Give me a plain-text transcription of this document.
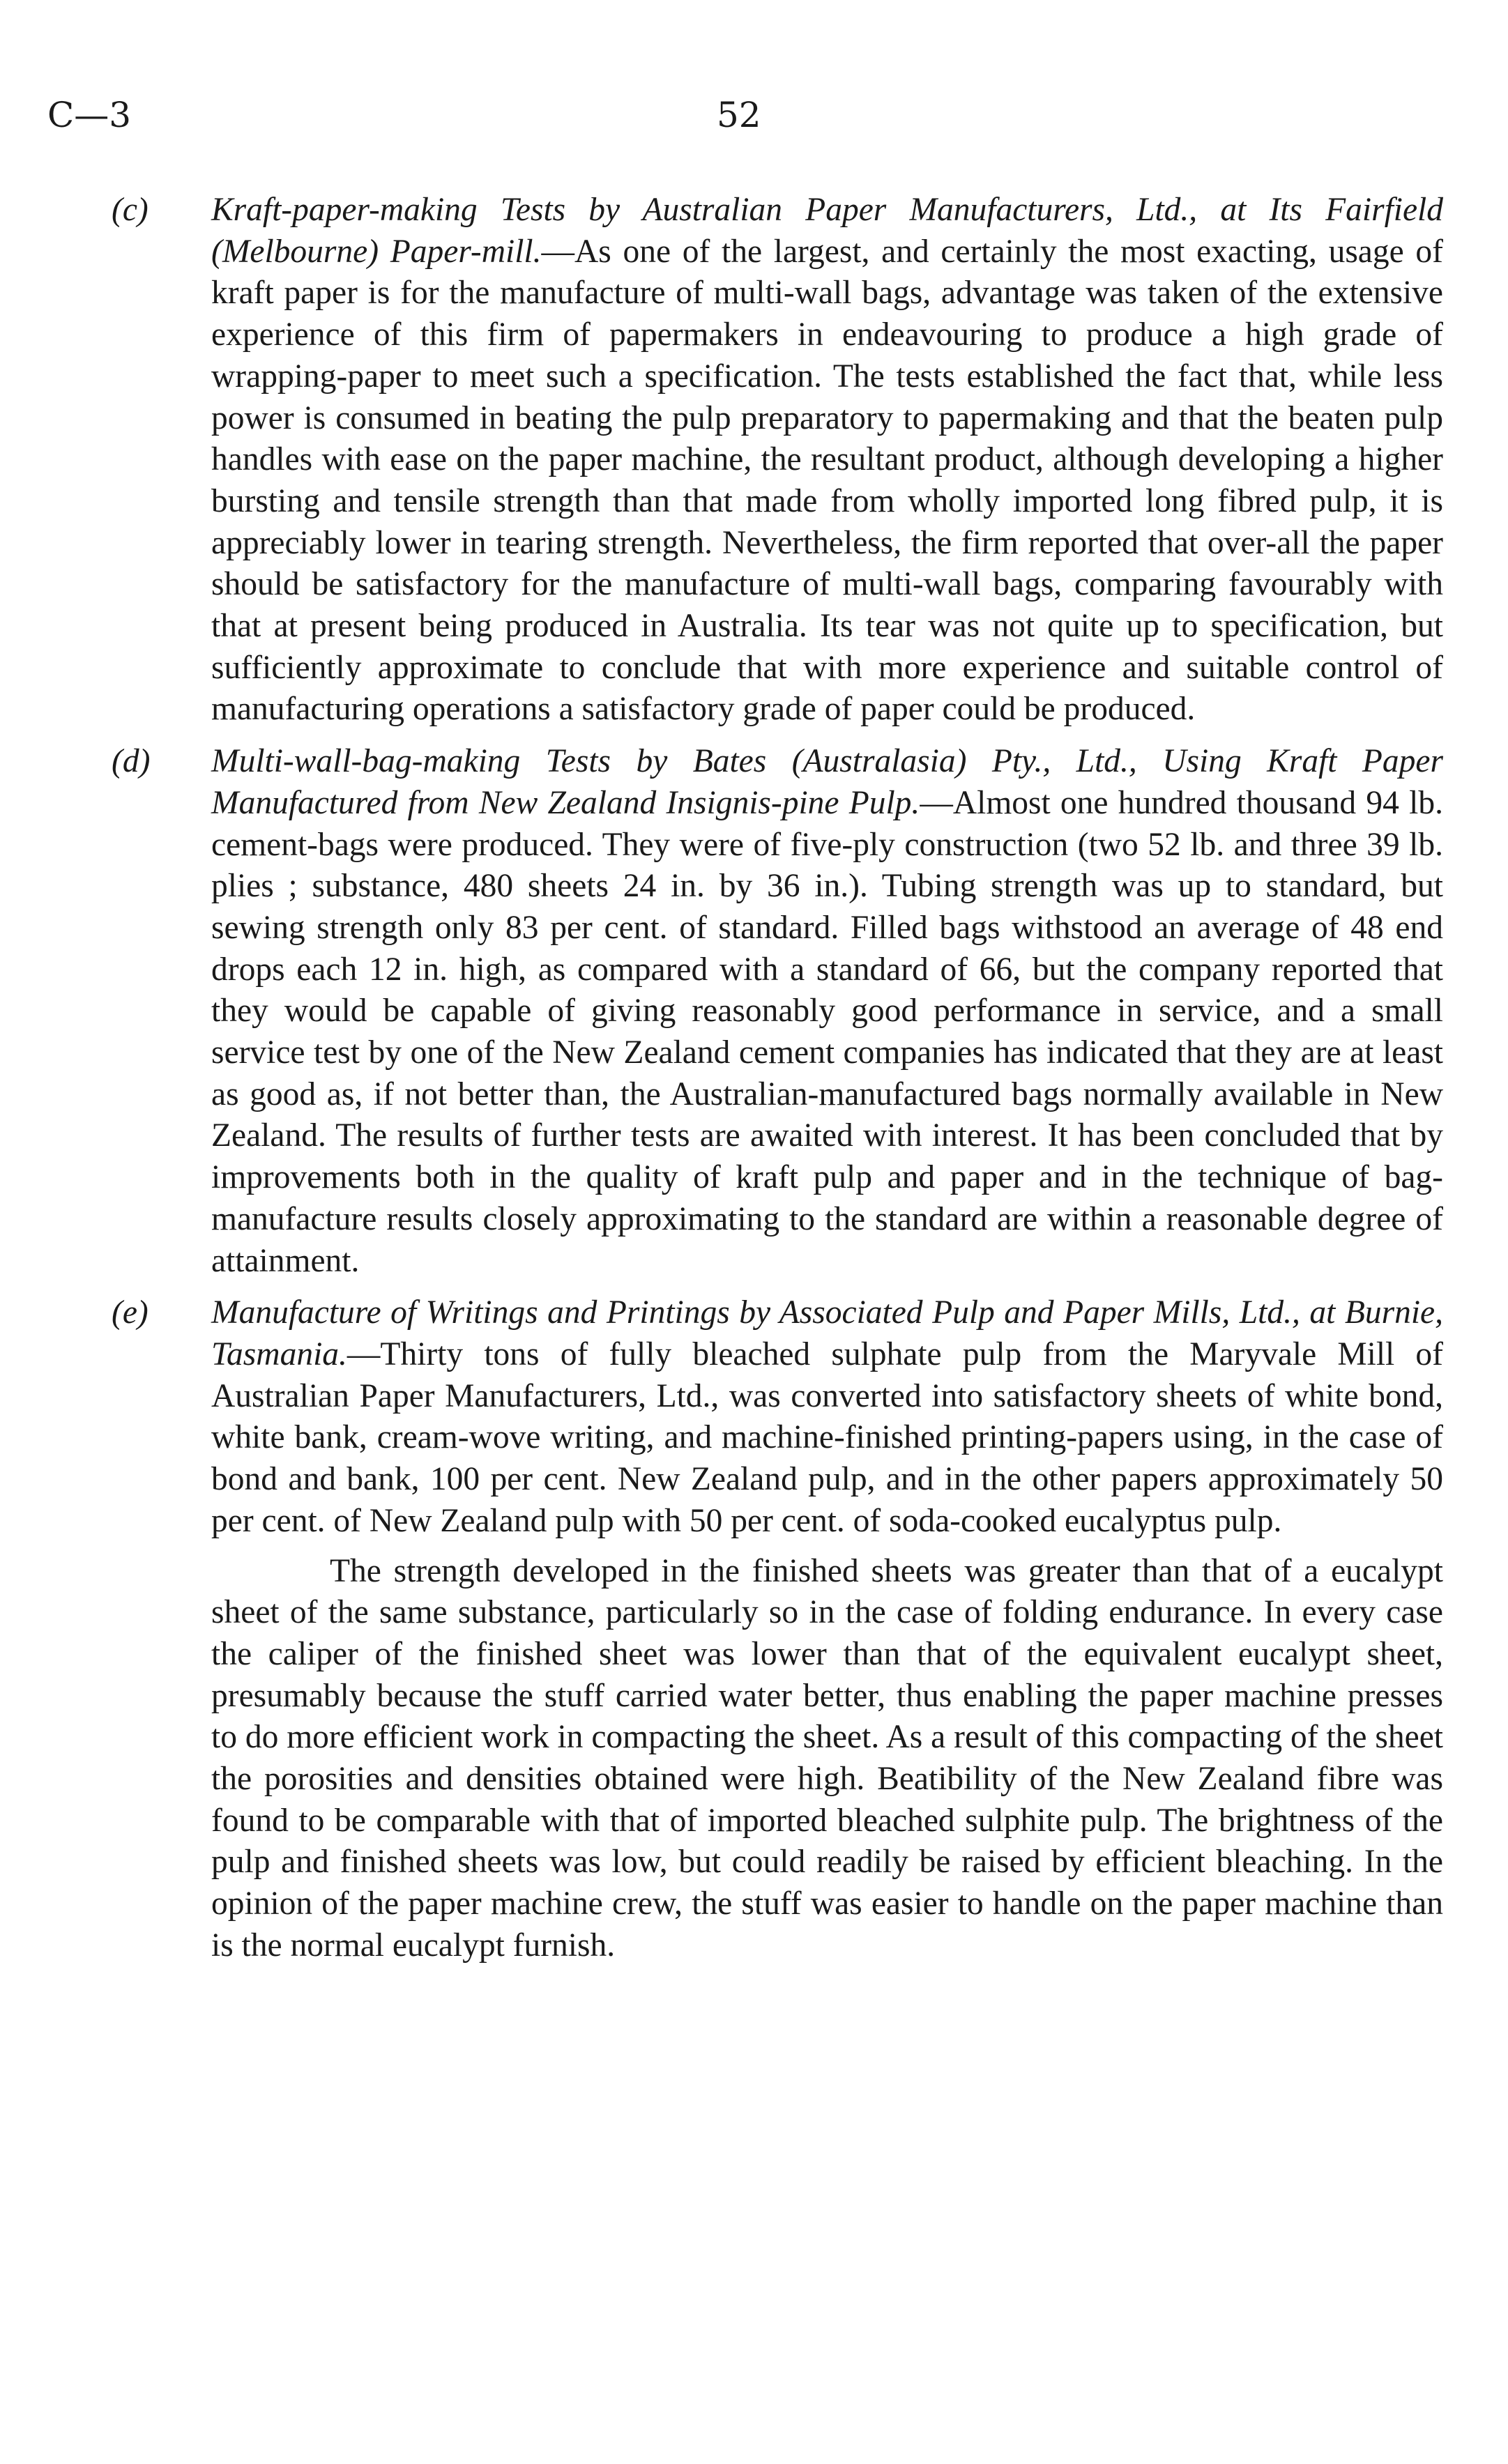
C—3	52
(c) Kraft-paper-making Tests by Australian Paper Manufacturers, Ltd., at Its Fairfield (Melbourne) Paper-mill.—As one of the largest, and certainly the most exacting, usage of kraft paper is for the manufacture of multi-wall bags, advantage was taken of the extensive experience of this firm of papermakers in endeavouring to produce a high grade of wrapping-paper to meet such a specification. The tests established the fact that, while less power is consumed in beating the pulp preparatory to papermaking and that the beaten pulp handles with ease on the paper machine, the resultant product, although developing a higher bursting and tensile strength than that made from wholly imported long fibred pulp, it is appreciably lower in tearing strength. Nevertheless, the firm reported that over-all the paper should be satisfactory for the manufacture of multi-wall bags, comparing favourably with that at present being produced in Australia. Its tear was not quite up to specification, but sufficiently approximate to conclude that with more experience and suitable control of manufacturing operations a satisfactory grade of paper could be produced.

(d) Multi-wall-bag-making Tests by Bates (Australasia) Pty., Ltd., Using Kraft Paper Manufactured from New Zealand Insignis-pine Pulp.—Almost one hundred thousand 94 lb. cement-bags were produced. They were of five-ply construction (two 52 lb. and three 39 lb. plies ; substance, 480 sheets 24 in. by 36 in.). Tubing strength was up to standard, but sewing strength only 83 per cent. of standard. Filled bags withstood an average of 48 end drops each 12 in. high, as compared with a standard of 66, but the company reported that they would be capable of giving reasonably good performance in service, and a small service test by one of the New Zealand cement companies has indicated that they are at least as good as, if not better than, the Australian-manufactured bags normally available in New Zealand. The results of further tests are awaited with interest. It has been concluded that by improvements both in the quality of kraft pulp and paper and in the technique of bag-manufacture results closely approximating to the standard are within a reasonable degree of attainment.

(e) Manufacture of Writings and Printings by Associated Pulp and Paper Mills, Ltd., at Burnie, Tasmania.—Thirty tons of fully bleached sulphate pulp from the Maryvale Mill of Australian Paper Manufacturers, Ltd., was converted into satisfactory sheets of white bond, white bank, cream-wove writing, and machine-finished printing-papers using, in the case of bond and bank, 100 per cent. New Zealand pulp, and in the other papers approximately 50 per cent. of New Zealand pulp with 50 per cent. of soda-cooked eucalyptus pulp.

The strength developed in the finished sheets was greater than that of a eucalypt sheet of the same substance, particularly so in the case of folding endurance. In every case the caliper of the finished sheet was lower than that of the equivalent eucalypt sheet, presumably because the stuff carried water better, thus enabling the paper machine presses to do more efficient work in compacting the sheet. As a result of this compacting of the sheet the porosities and densities obtained were high. Beatibility of the New Zealand fibre was found to be comparable with that of imported bleached sulphite pulp. The brightness of the pulp and finished sheets was low, but could readily be raised by efficient bleaching. In the opinion of the paper machine crew, the stuff was easier to handle on the paper machine than is the normal eucalypt furnish.
